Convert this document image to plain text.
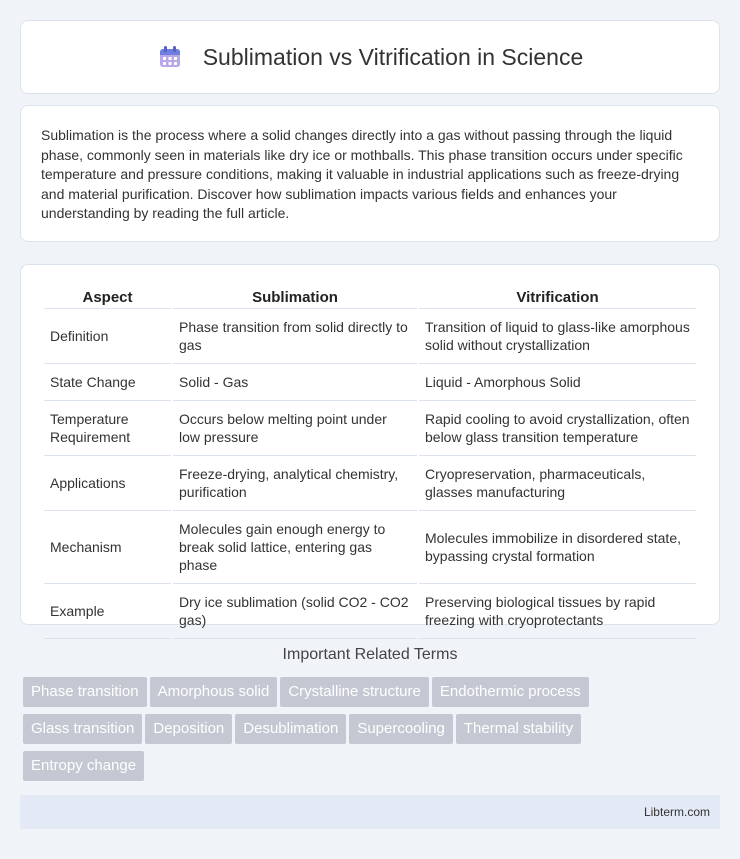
Sublimation vs Vitrification in Science

Sublimation is the process where a solid changes directly into a gas without passing through the liquid phase, commonly seen in materials like dry ice or mothballs. This phase transition occurs under specific temperature and pressure conditions, making it valuable in industrial applications such as freeze-drying and material purification. Discover how sublimation impacts various fields and enhances your understanding by reading the full article.

Aspect	Sublimation	Vitrification
Definition	Phase transition from solid directly to gas	Transition of liquid to glass-like amorphous solid without crystallization
State Change	Solid - Gas	Liquid - Amorphous Solid
Temperature Requirement	Occurs below melting point under low pressure	Rapid cooling to avoid crystallization, often below glass transition temperature
Applications	Freeze-drying, analytical chemistry, purification	Cryopreservation, pharmaceuticals, glasses manufacturing
Mechanism	Molecules gain enough energy to break solid lattice, entering gas phase	Molecules immobilize in disordered state, bypassing crystal formation
Example	Dry ice sublimation (solid CO2 - CO2 gas)	Preserving biological tissues by rapid freezing with cryoprotectants
Important Related Terms
Phase transition Amorphous solid Crystalline structure Endothermic process
Glass transition Deposition Desublimation Supercooling Thermal stability
Entropy change
Libterm.com
